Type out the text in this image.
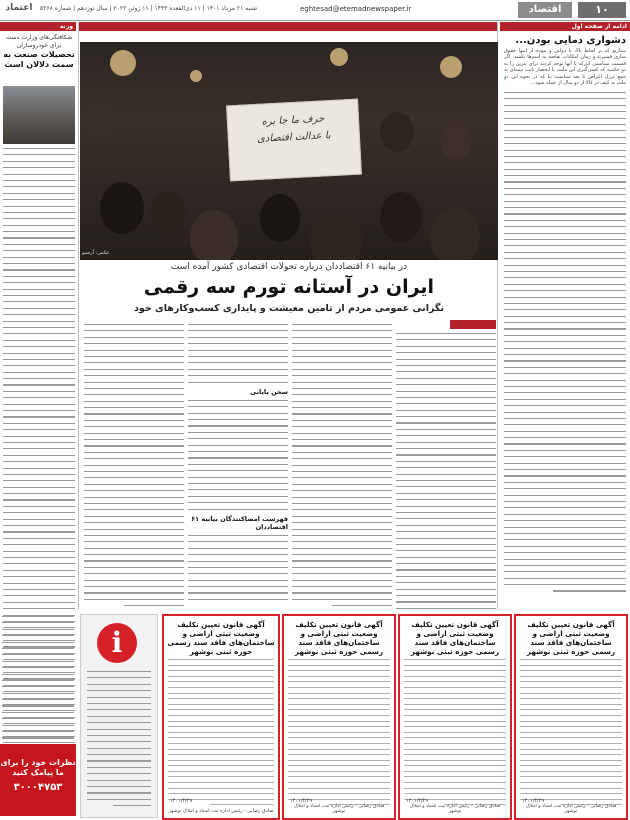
۱۰
اقتصاد
eghtesad@etemadnewspaper.ir
شنبه ۲۱ مرداد ۱۴۰۱ | ۱۱ ذی‌القعده ۱۴۴۳ | ۱۱ ژوئن ۲۰۲۲ | سال نوزدهم | شماره ۵۲۶۸
اعتماد
ادامه از صفحه اول
دشواری دمایی بودن...
سناریو که بر لحاظ بالا، با دولتی و بتوده از اینها حقوق سازی قمیپرند و زمان امکانات تقاضه به اسم‌ها بکشد. اگر قسمت سیاستی این‌که با آنها توجه کردند برای بنزین را به دو حاشیه که کسی‌گیری این ملت، با انحصار ثابت بیمه‌ای به جمع ترزل اغراض تا بعد سیاست بنا که در نحوه این دو ملت به کیف در کالا از دو سال از جمله شود...
حرف ما جا بره
با عدالت اقتصادی
عکس: آرشیو
در بیانیه ۶۱ اقتصاددان درباره تحولات اقتصادی کشور آمده است
ایران در آستانه تورم سه رقمی
نگرانی عمومی مردم از تامین معیشت و پایداری کسب‌وکارهای خود
سخن پایانی
فهرست امضاکنندگان بیانیه ۶۱ اقتصاددان
وزنه
شکافتگی‌های وزارت دست برای خودروسازان
تحصیلات صنعت به سمت دلالان است
آگهی قانون تعیین تکلیف وضعیت ثبتی اراضی و ساختمان‌های فاقد سند رسمی حوزه ثبتی نوشهر
۱۴۰۱/۳/۲۹
صادق رضایی - رئیس اداره ثبت اسناد و املاک نوشهر
آگهی قانون تعیین تکلیف وضعیت ثبتی اراضی و ساختمان‌های فاقد سند رسمی حوزه ثبتی نوشهر
۱۴۰۱/۳/۲۹
صادق رضایی - رئیس اداره ثبت اسناد و املاک نوشهر
آگهی قانون تعیین تکلیف وضعیت ثبتی اراضی و ساختمان‌های فاقد سند رسمی حوزه ثبتی نوشهر
۱۴۰۱/۳/۲۹
صادق رضایی - رئیس اداره ثبت اسناد و املاک نوشهر
آگهی قانون تعیین تکلیف وضعیت ثبتی اراضی و ساختمان‌های فاقد سند رسمی حوزه ثبتی نوشهر
۱۴۰۱/۳/۲۹
صادق رضایی - رئیس اداره ثبت اسناد و املاک نوشهر
i
نظرات خود را برای ما پیامک کنید
۳۰۰۰۴۷۵۳
